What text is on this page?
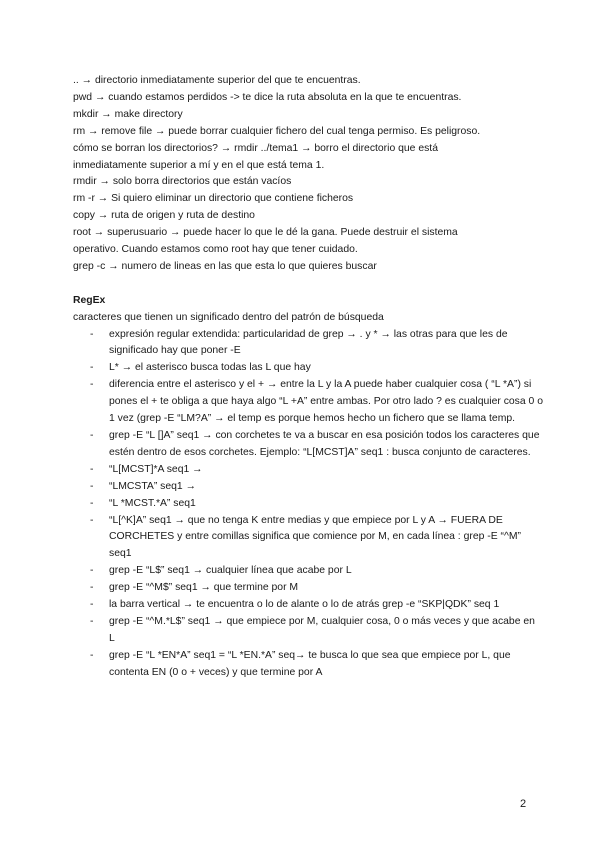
.. → directorio inmediatamente superior del que te encuentras.
pwd → cuando estamos perdidos -> te dice la ruta absoluta en la que te encuentras.
mkdir → make directory
rm → remove file → puede borrar cualquier fichero del cual tenga permiso. Es peligroso.
cómo se borran los directorios? → rmdir ../tema1 → borro el directorio que está
inmediatamente superior a mí y en el que está tema 1.
rmdir → solo borra directorios que están vacíos
rm -r → Si quiero eliminar un directorio que contiene ficheros
copy → ruta de origen y ruta de destino
root → superusuario → puede hacer lo que le dé la gana. Puede destruir el sistema
operativo. Cuando estamos como root hay que tener cuidado.
grep -c → numero de lineas en las que esta lo que quieres buscar
RegEx
caracteres que tienen un significado dentro del patrón de búsqueda
- expresión regular extendida: particularidad de grep → . y * → las otras para que les de significado hay que poner -E
- L* → el asterisco busca todas las L que hay
- diferencia entre el asterisco y el + → entre la L y la A puede haber cualquier cosa ( “L *A”) si pones el + te obliga a que haya algo “L +A” entre ambas. Por otro lado ? es cualquier cosa 0 o 1 vez (grep -E “LM?A” → el temp es porque hemos hecho un fichero que se llama temp.
- grep -E “L []A” seq1 → con corchetes te va a buscar en esa posición todos los caracteres que estén dentro de esos corchetes. Ejemplo: “L[MCST]A” seq1 : busca conjunto de caracteres.
- “L[MCST]*A seq1 →
- “LMCSTA” seq1 →
- “L *MCST.*A” seq1
- “L[^K]A” seq1 → que no tenga K entre medias y que empiece por L y A → FUERA DE CORCHETES y entre comillas significa que comience por M, en cada línea : grep -E “^M” seq1
- grep -E “L$” seq1 → cualquier línea que acabe por L
- grep -E “^M$” seq1 → que termine por M
- la barra vertical → te encuentra o lo de alante o lo de atrás grep -e “SKP|QDK” seq 1
- grep -E “^M.*L$” seq1 → que empiece por M, cualquier cosa, 0 o más veces y que acabe en L
- grep -E “L *EN*A” seq1 = “L *EN.*A” seq→ te busca lo que sea que empiece por L, que contenta EN (0 o + veces) y que termine por A
2
